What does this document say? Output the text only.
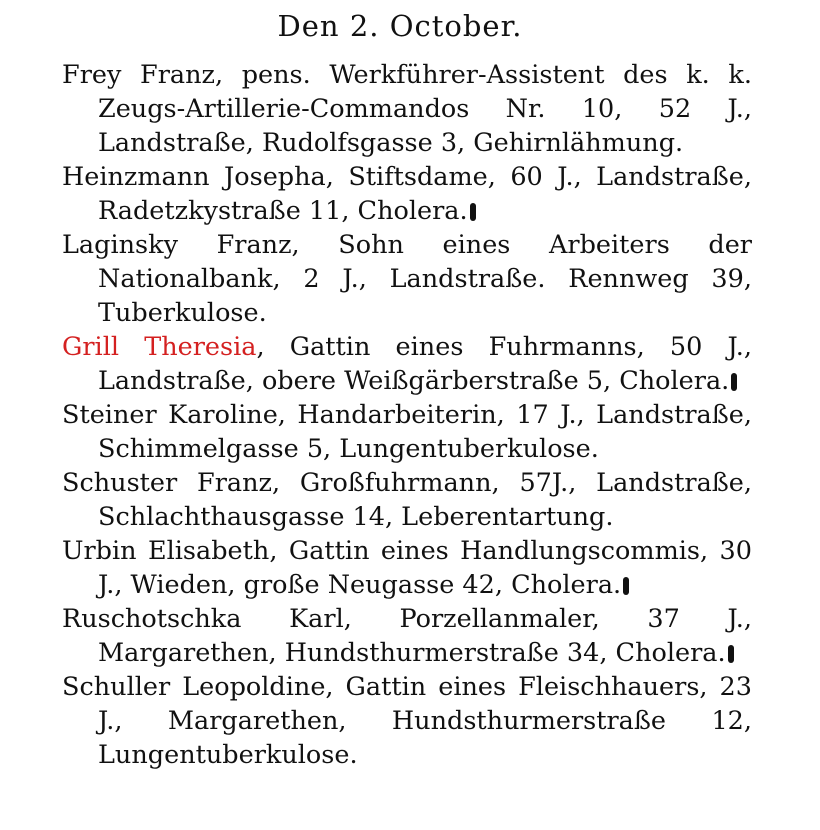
Den 2. October.

Frey Franz, pens. Werkführer-Assistent des k. k. Zeugs-Artillerie-Commandos Nr. 10, 52 J., Landstraße, Rudolfsgasse 3, Gehirnlähmung.

Heinzmann Josepha, Stiftsdame, 60 J., Landstraße, Radetzkystraße 11, Cholera.

Laginsky Franz, Sohn eines Arbeiters der Nationalbank, 2 J., Landstraße. Rennweg 39, Tuberkulose.

Grill Theresia, Gattin eines Fuhrmanns, 50 J., Landstraße, obere Weißgärberstraße 5, Cholera.

Steiner Karoline, Handarbeiterin, 17 J., Landstraße, Schimmelgasse 5, Lungentuberkulose.

Schuster Franz, Großfuhrmann, 57J., Landstraße, Schlachthausgasse 14, Leberentartung.

Urbin Elisabeth, Gattin eines Handlungscommis, 30 J., Wieden, große Neugasse 42, Cholera.

Ruschotschka Karl, Porzellanmaler, 37 J., Margarethen, Hundsthurmerstraße 34, Cholera.

Schuller Leopoldine, Gattin eines Fleischhauers, 23 J., Margarethen, Hundsthurmerstraße 12, Lungentuberkulose.
